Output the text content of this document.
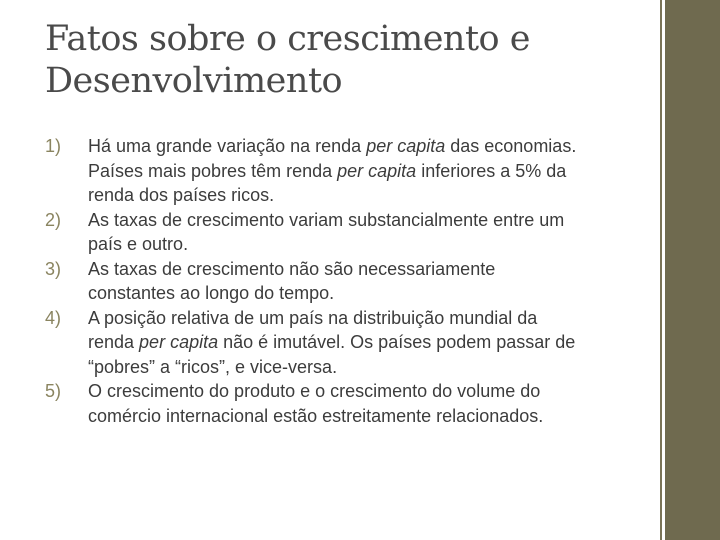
Fatos sobre o crescimento e
Desenvolvimento
1) Há uma grande variação na renda per capita das economias.
Países mais pobres têm renda per capita inferiores a 5% da
renda dos países ricos.
2) As taxas de crescimento variam substancialmente entre um
país e outro.
3) As taxas de crescimento não são necessariamente
constantes ao longo do tempo.
4) A posição relativa de um país na distribuição mundial da
renda per capita não é imutável. Os países podem passar de
“pobres” a “ricos”, e vice-versa.
5) O crescimento do produto e o crescimento do volume do
comércio internacional estão estreitamente relacionados.
